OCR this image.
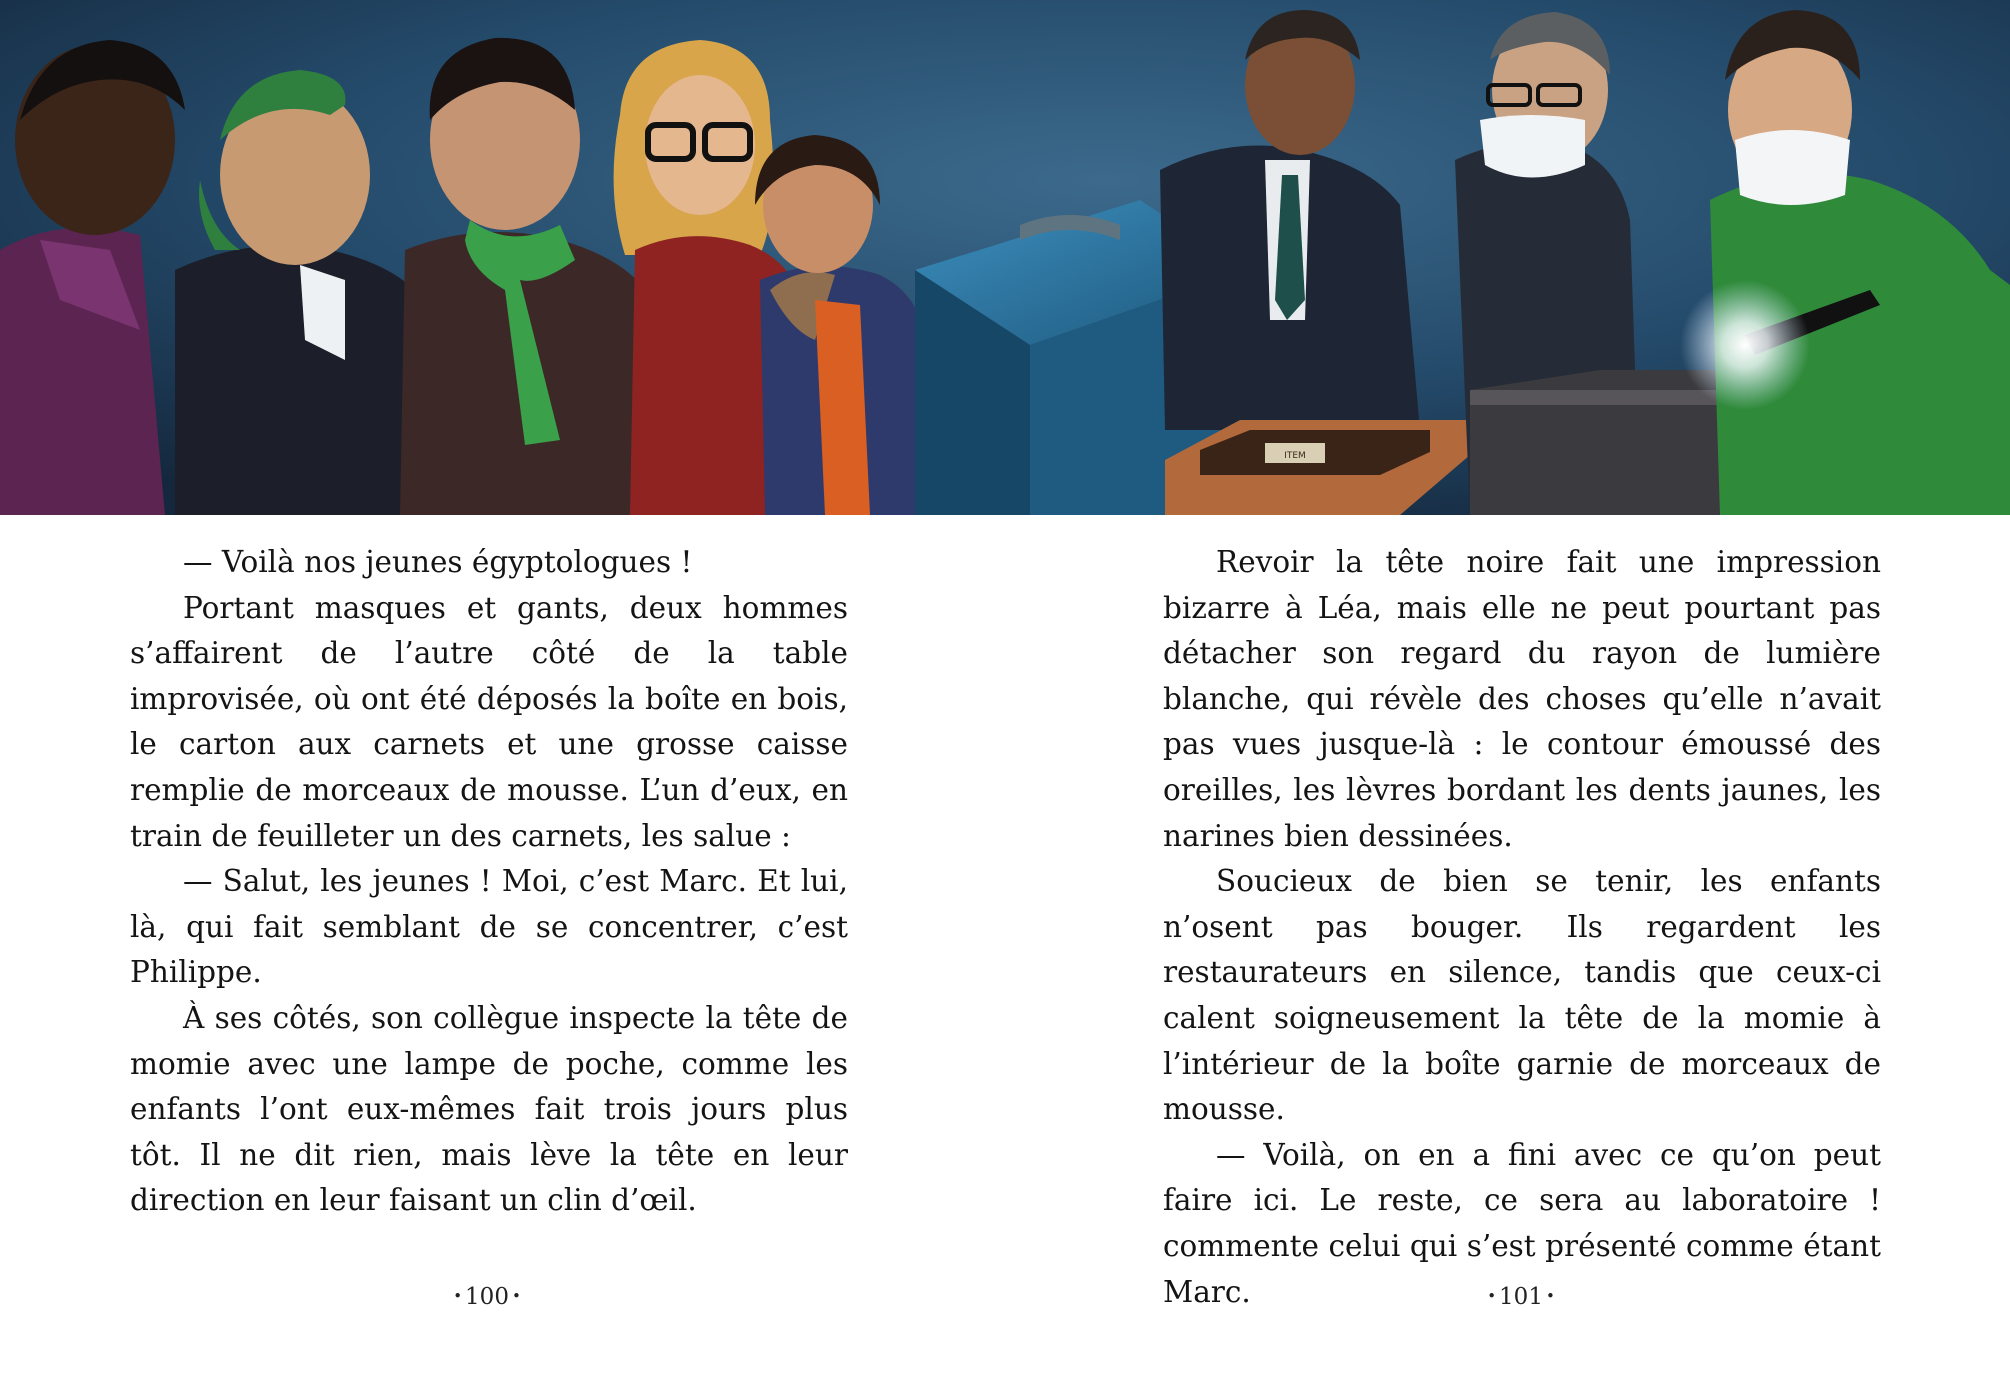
ITEM

— Voilà nos jeunes égyptologues !

Portant masques et gants, deux hommes s’affairent de l’autre côté de la table improvisée, où ont été déposés la boîte en bois, le carton aux carnets et une grosse caisse remplie de morceaux de mousse. L’un d’eux, en train de feuilleter un des carnets, les salue :

— Salut, les jeunes ! Moi, c’est Marc. Et lui, là, qui fait semblant de se concentrer, c’est Philippe.

À ses côtés, son collègue inspecte la tête de momie avec une lampe de poche, comme les enfants l’ont eux-mêmes fait trois jours plus tôt. Il ne dit rien, mais lève la tête en leur direction en leur faisant un clin d’œil.

Revoir la tête noire fait une impression bizarre à Léa, mais elle ne peut pourtant pas détacher son regard du rayon de lumière blanche, qui révèle des choses qu’elle n’avait pas vues jusque-là : le contour émoussé des oreilles, les lèvres bordant les dents jaunes, les narines bien dessinées.

Soucieux de bien se tenir, les enfants n’osent pas bouger. Ils regardent les restaurateurs en silence, tandis que ceux-ci calent soigneusement la tête de la momie à l’intérieur de la boîte garnie de morceaux de mousse.

— Voilà, on en a fini avec ce qu’on peut faire ici. Le reste, ce sera au laboratoire ! commente celui qui s’est présenté comme étant Marc.

• 100 •	• 101 •
